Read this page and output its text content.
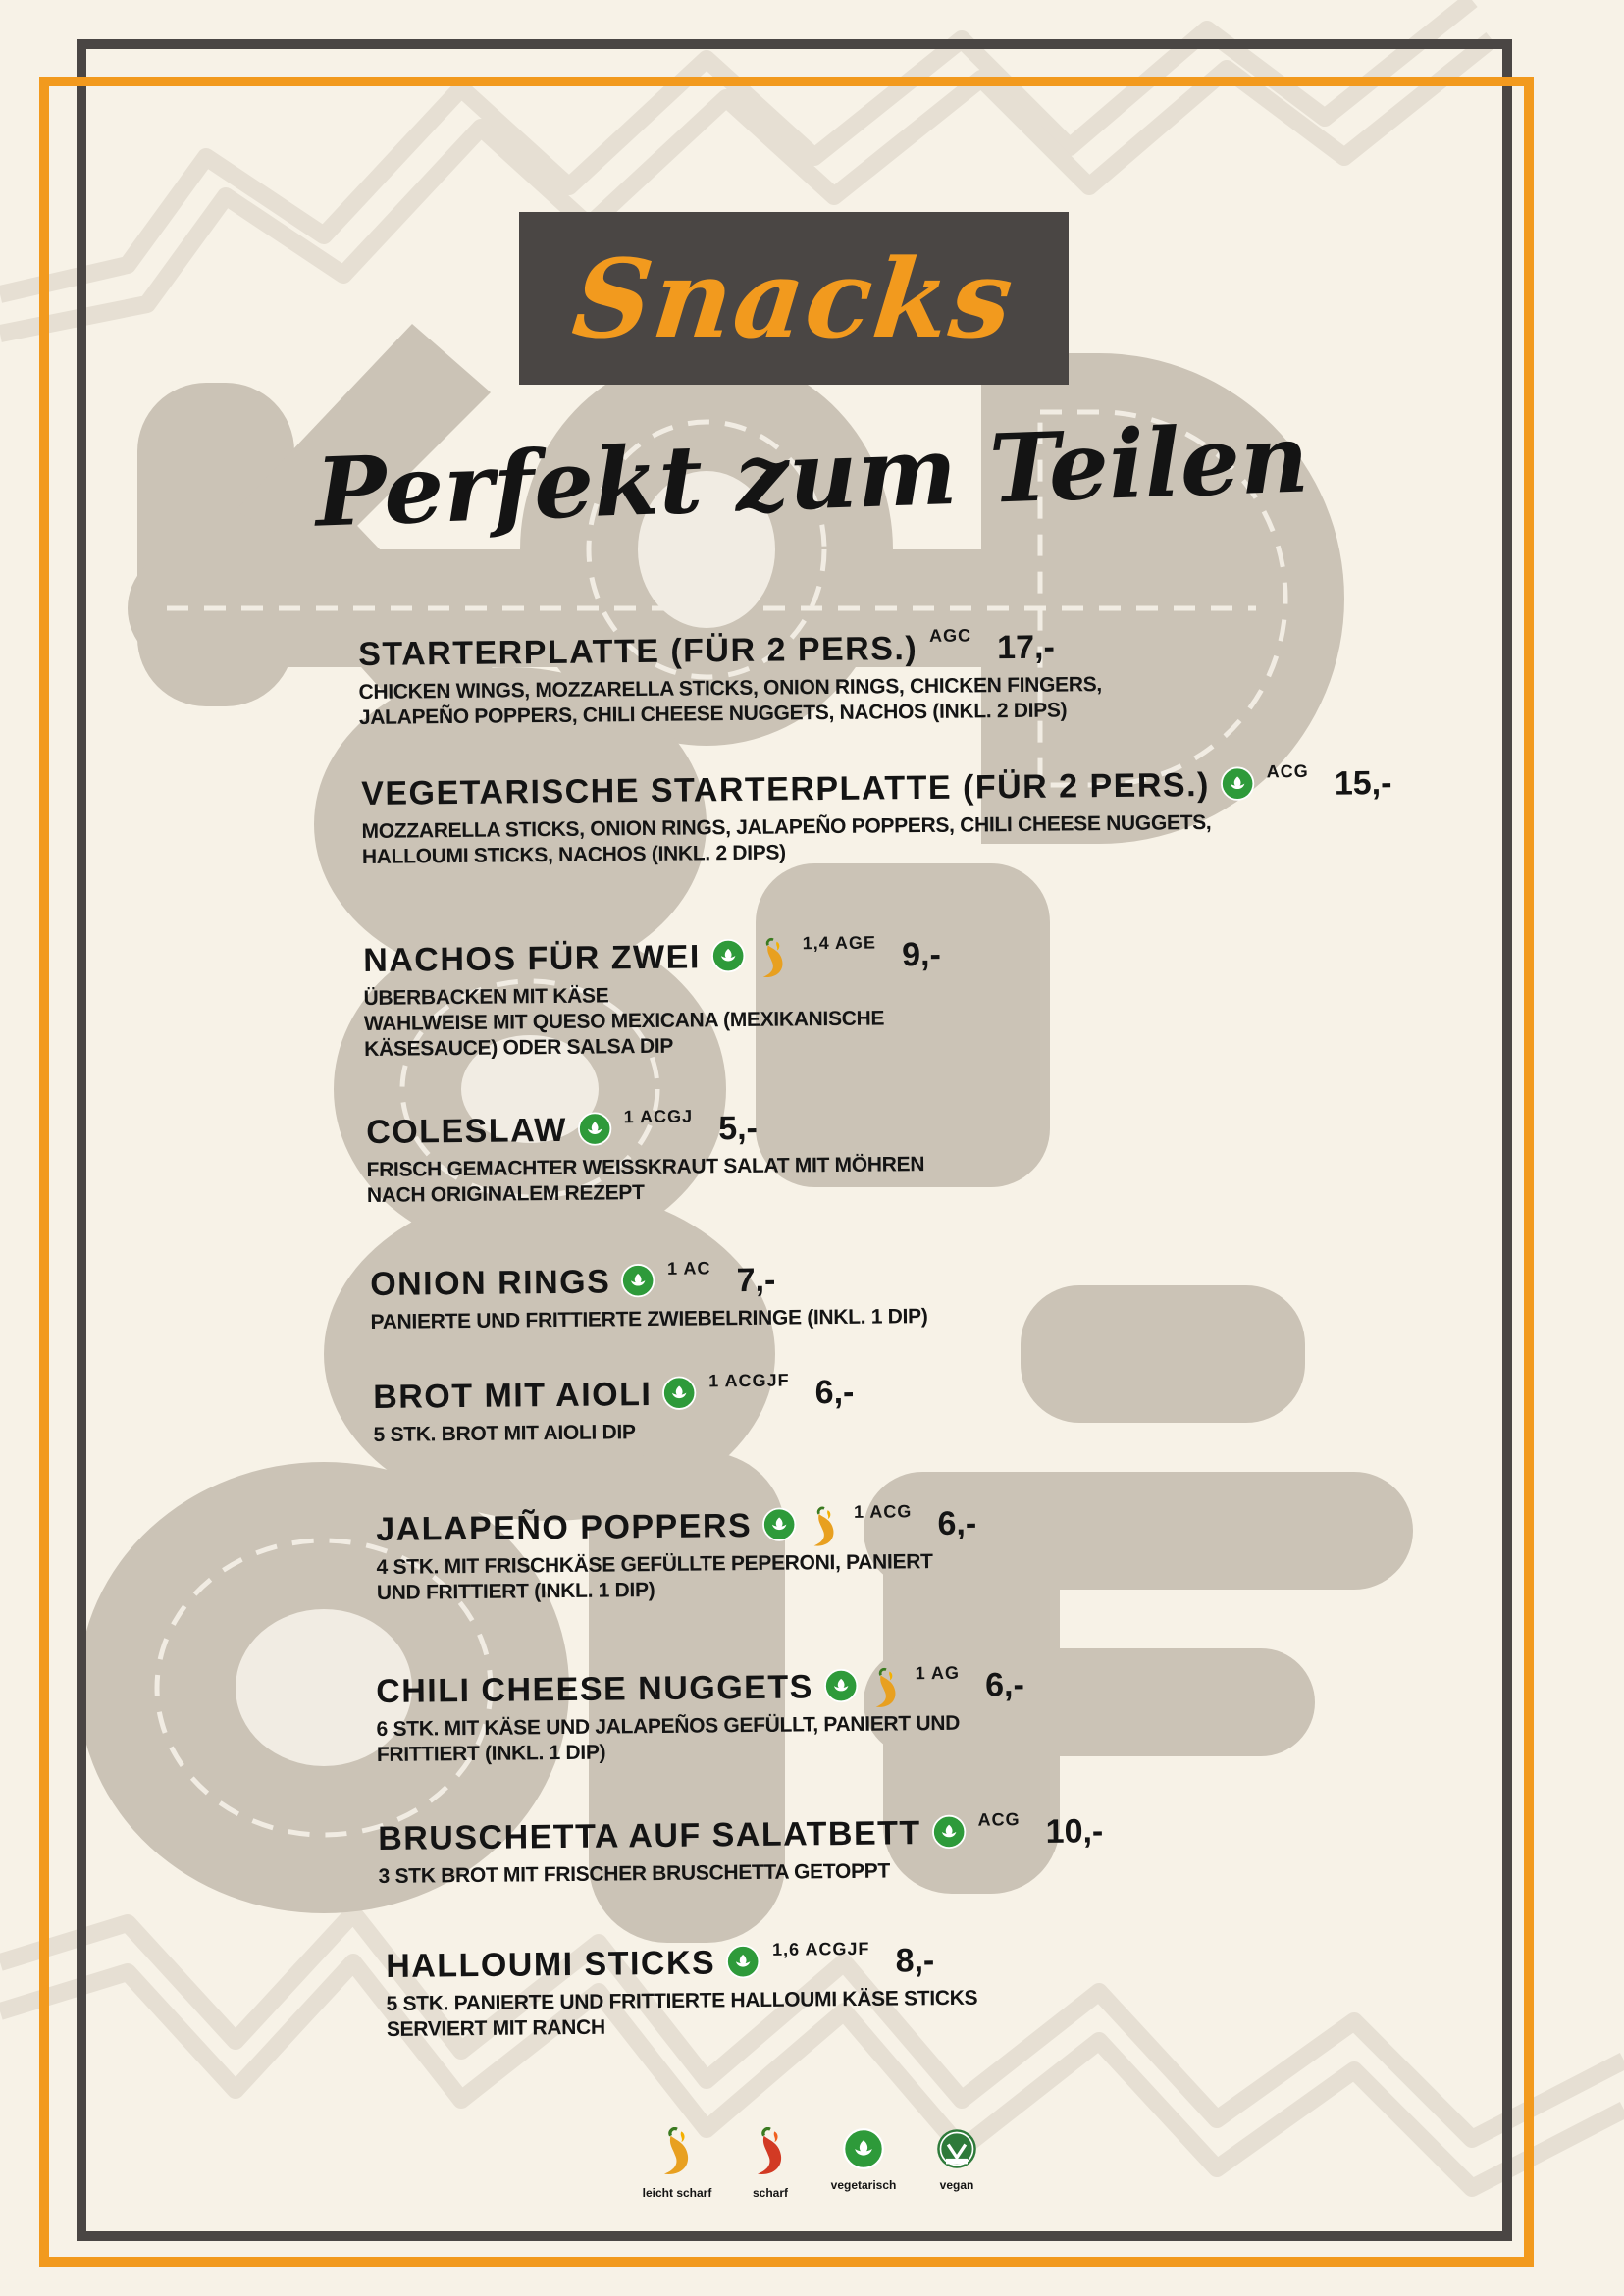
Snacks
Perfekt zum Teilen
STARTERPLATTE (FÜR 2 PERS.) AGC 17,-
CHICKEN WINGS, MOZZARELLA STICKS, ONION RINGS, CHICKEN FINGERS,
JALAPEÑO POPPERS, CHILI CHEESE NUGGETS, NACHOS (INKL. 2 DIPS)
VEGETARISCHE STARTERPLATTE (FÜR 2 PERS.)	ACG 15,-
MOZZARELLA STICKS, ONION RINGS, JALAPEÑO POPPERS, CHILI CHEESE NUGGETS,
HALLOUMI STICKS, NACHOS (INKL. 2 DIPS)
NACHOS FÜR ZWEI	1,4 AGE 9,-
ÜBERBACKEN MIT KÄSE
WAHLWEISE MIT QUESO MEXICANA (MEXIKANISCHE
KÄSESAUCE) ODER SALSA DIP
COLESLAW	1 ACGJ 5,-
FRISCH GEMACHTER WEISSKRAUT SALAT MIT MÖHREN
NACH ORIGINALEM REZEPT
ONION RINGS	1 AC 7,-
PANIERTE UND FRITTIERTE ZWIEBELRINGE (INKL. 1 DIP)
BROT MIT AIOLI	1 ACGJF 6,-
5 STK. BROT MIT AIOLI DIP
JALAPEÑO POPPERS	1 ACG 6,-
4 STK. MIT FRISCHKÄSE GEFÜLLTE PEPERONI, PANIERT
UND FRITTIERT (INKL. 1 DIP)
CHILI CHEESE NUGGETS	1 AG 6,-
6 STK. MIT KÄSE UND JALAPEÑOS GEFÜLLT, PANIERT UND
FRITTIERT (INKL. 1 DIP)
BRUSCHETTA AUF SALATBETT	ACG 10,-
3 STK BROT MIT FRISCHER BRUSCHETTA GETOPPT
HALLOUMI STICKS	1,6 ACGJF 8,-
5 STK. PANIERTE UND FRITTIERTE HALLOUMI KÄSE STICKS
SERVIERT MIT RANCH
leicht scharf	scharf
vegetarisch	vegan
